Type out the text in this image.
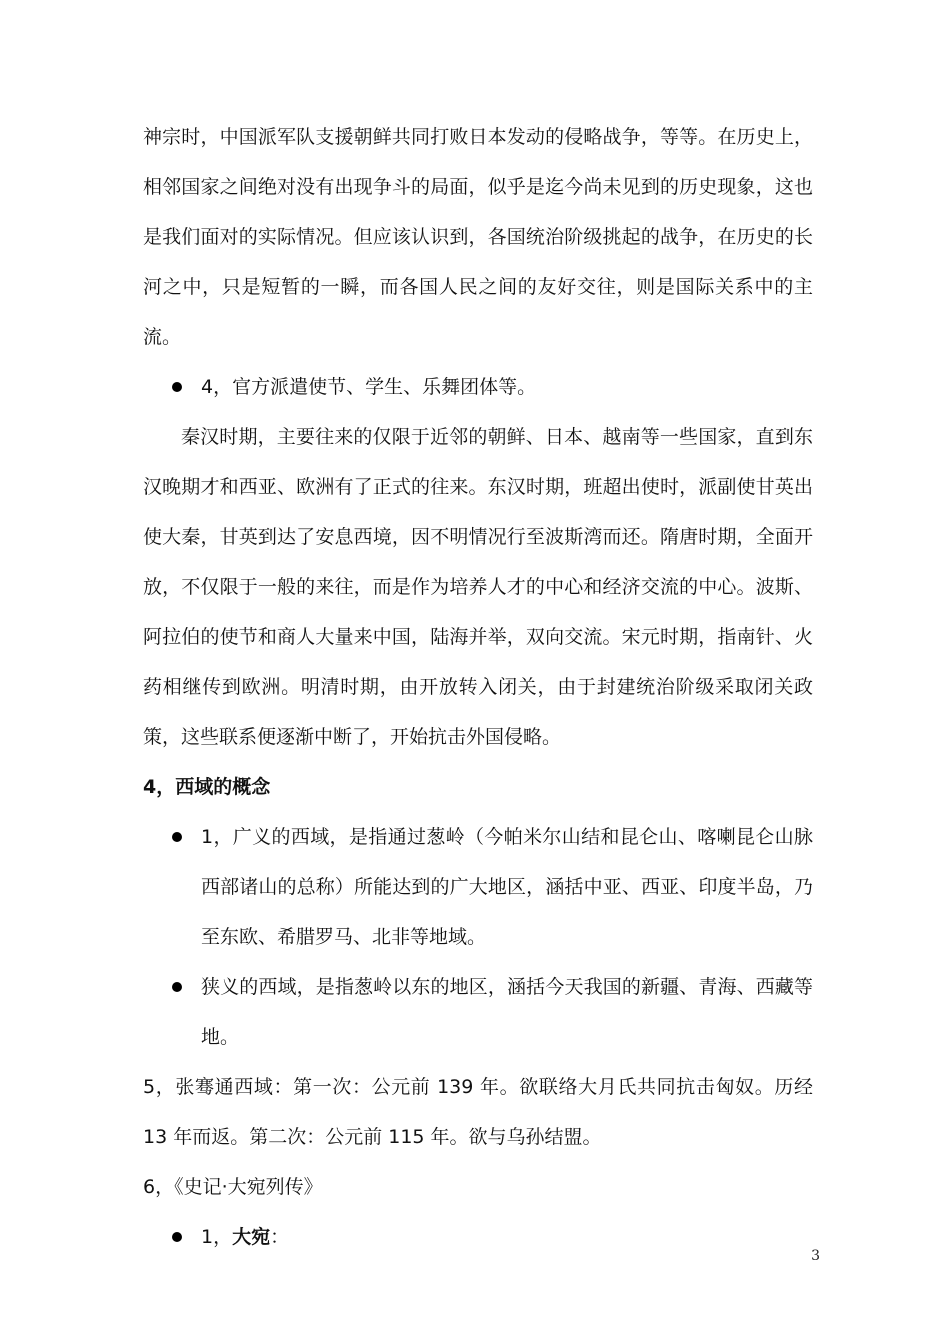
神宗时，中国派军队支援朝鲜共同打败日本发动的侵略战争，等等。在历史上，相邻国家之间绝对没有出现争斗的局面，似乎是迄今尚未见到的历史现象，这也是我们面对的实际情况。但应该认识到，各国统治阶级挑起的战争，在历史的长河之中，只是短暂的一瞬，而各国人民之间的友好交往，则是国际关系中的主流。

4，官方派遣使节、学生、乐舞团体等。

秦汉时期，主要往来的仅限于近邻的朝鲜、日本、越南等一些国家，直到东汉晚期才和西亚、欧洲有了正式的往来。东汉时期，班超出使时，派副使甘英出使大秦，甘英到达了安息西境，因不明情况行至波斯湾而还。隋唐时期，全面开放，不仅限于一般的来往，而是作为培养人才的中心和经济交流的中心。波斯、阿拉伯的使节和商人大量来中国，陆海并举，双向交流。宋元时期，指南针、火药相继传到欧洲。明清时期，由开放转入闭关，由于封建统治阶级采取闭关政策，这些联系便逐渐中断了，开始抗击外国侵略。

4，西域的概念

1，广义的西域，是指通过葱岭（今帕米尔山结和昆仑山、喀喇昆仑山脉西部诸山的总称）所能达到的广大地区，涵括中亚、西亚、印度半岛，乃至东欧、希腊罗马、北非等地域。
狭义的西域，是指葱岭以东的地区，涵括今天我国的新疆、青海、西藏等地。

5，张骞通西域：第一次：公元前 139 年。欲联络大月氏共同抗击匈奴。历经 13 年而返。第二次：公元前 115 年。欲与乌孙结盟。

6，《史记·大宛列传》

1，大宛：
3
